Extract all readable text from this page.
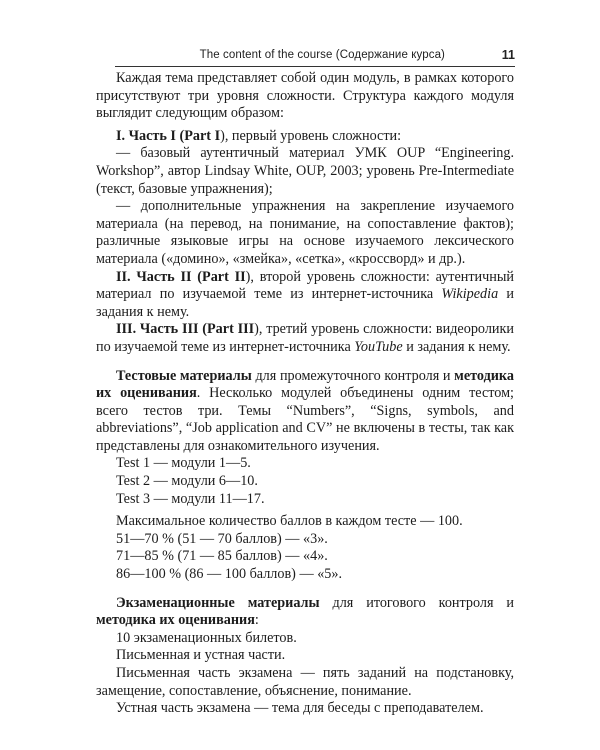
The content of the course (Содержание курса)	11

Каждая тема представляет собой один модуль, в рамках которого присутствуют три уровня сложности. Структура каждого модуля выглядит следующим образом:

I. Часть I (Part I), первый уровень сложности:

— базовый аутентичный материал УМК OUP “Engineering. Workshop”, автор Lindsay White, OUP, 2003; уровень Pre-Intermediate (текст, базовые упражнения);

— дополнительные упражнения на закрепление изучаемого материала (на перевод, на понимание, на сопоставление фактов); различные языковые игры на основе изучаемого лексического материала («домино», «змейка», «сетка», «кроссворд» и др.).

II. Часть II (Part II), второй уровень сложности: аутентичный материал по изучаемой теме из интернет-источника Wikipedia и задания к нему.

III. Часть III (Part III), третий уровень сложности: видеоролики по изучаемой теме из интернет-источника YouTube и задания к нему.

Тестовые материалы для промежуточного контроля и методика их оценивания. Несколько модулей объединены одним тестом; всего тестов три. Темы “Numbers”, “Signs, symbols, and abbreviations”, “Job application and CV” не включены в тесты, так как представлены для ознакомительного изучения.

Test 1 — модули 1—5.

Test 2 — модули 6—10.

Test 3 — модули 11—17.

Максимальное количество баллов в каждом тесте — 100.

51—70 % (51 — 70 баллов) — «3».

71—85 % (71 — 85 баллов) — «4».

86—100 % (86 — 100 баллов) — «5».

Экзаменационные материалы для итогового контроля и методика их оценивания:

10 экзаменационных билетов.

Письменная и устная части.

Письменная часть экзамена — пять заданий на подстановку, замещение, сопоставление, объяснение, понимание.

Устная часть экзамена — тема для беседы с преподавателем.
